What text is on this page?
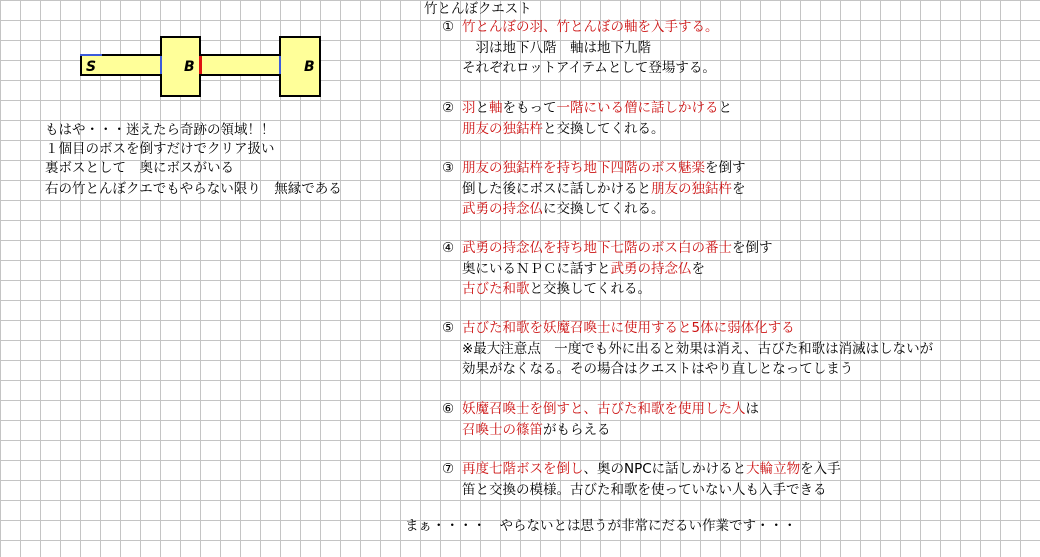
S	B	B
もはや・・・迷えたら奇跡の領域！！
１個目のボスを倒すだけでクリア扱い
裏ボスとして　奥にボスがいる
右の竹とんぼクエでもやらない限り　無縁である
竹とんぼクエスト
① 竹とんぼの羽、竹とんぼの軸を入手する。
　羽は地下八階　軸は地下九階
それぞれロットアイテムとして登場する。
② 羽と軸をもって一階にいる僧に話しかけると
朋友の独鈷杵と交換してくれる。
③ 朋友の独鈷杵を持ち地下四階のボス魅楽を倒す
倒した後にボスに話しかけると朋友の独鈷杵を
武勇の持念仏に交換してくれる。
④ 武勇の持念仏を持ち地下七階のボス白の番士を倒す
奥にいるＮＰＣに話すと武勇の持念仏を
古びた和歌と交換してくれる。
⑤ 古びた和歌を妖魔召喚士に使用すると5体に弱体化する
※最大注意点　一度でも外に出ると効果は消え、古びた和歌は消滅はしないが
効果がなくなる。その場合はクエストはやり直しとなってしまう
⑥ 妖魔召喚士を倒すと、古びた和歌を使用した人は
召喚士の篠笛がもらえる
⑦ 再度七階ボスを倒し、奥のNPCに話しかけると大輪立物を入手
笛と交換の模様。古びた和歌を使っていない人も入手できる
まぁ・・・・　やらないとは思うが非常にだるい作業です・・・
